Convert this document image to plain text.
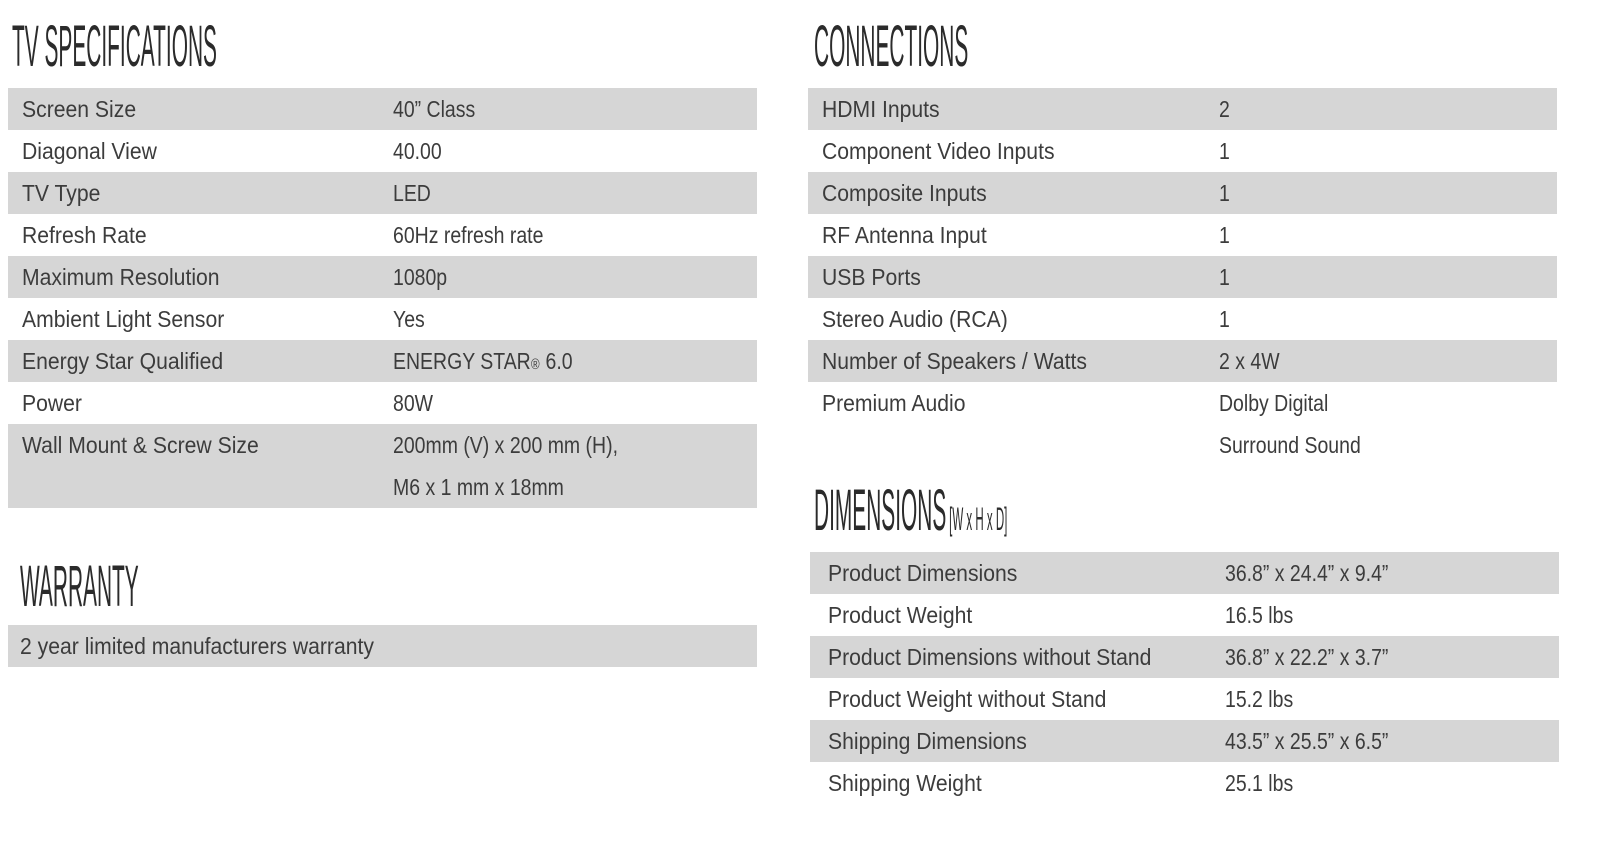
TV SPECIFICATIONS
Screen Size	40” Class
Diagonal View	40.00
TV Type	LED
Refresh Rate	60Hz refresh rate
Maximum Resolution	1080p
Ambient Light Sensor	Yes
Energy Star Qualified	ENERGY STAR® 6.0
Power	80W
Wall Mount & Screw Size	200mm (V) x 200 mm (H),
M6 x 1 mm x 18mm
WARRANTY
2 year limited manufacturers warranty
CONNECTIONS
HDMI Inputs	2
Component Video Inputs	1
Composite Inputs	1
RF Antenna Input	1
USB Ports	1
Stereo Audio (RCA)	1
Number of Speakers / Watts	2 x 4W
Premium Audio	Dolby Digital
Surround Sound
DIMENSIONS[W x H x D]
Product Dimensions	36.8” x 24.4” x 9.4”
Product Weight	16.5 lbs
Product Dimensions without Stand	36.8” x 22.2” x 3.7”
Product Weight without Stand	15.2 lbs
Shipping Dimensions	43.5” x 25.5” x 6.5”
Shipping Weight	25.1 lbs
